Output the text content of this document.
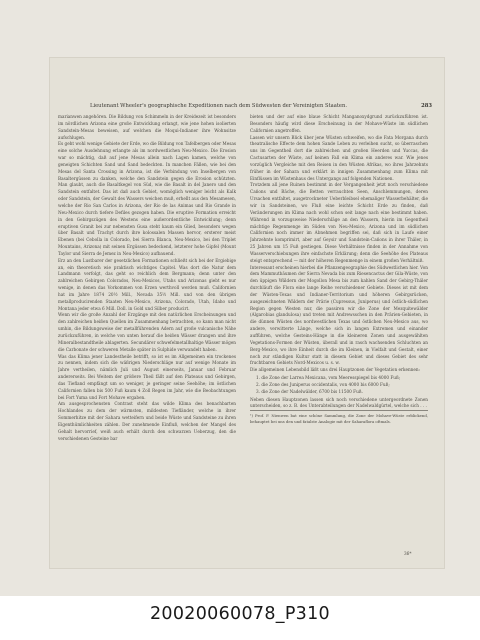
Lieutenant Wheeler's geographische Expeditionen nach dem Südwesten der Vereinigten Staaten.	283

marianwen angehören. Die Bildung von Schimmeln in der Kreidezeit ist besonders im nördlichen Arizona eine große Entwicklung erlangt, wie jene hohen isolierten Sandstein-Mesas beweisen, auf welchen die Moqui-Indianer ihre Wohnsitze aufschlugen.

Es geht wohl wenige Gebiete der Erde, wo die Bildung von Tafelbergen oder Mesas eine solche Ausdehnung erlangte als im nordwestlichen Neu-Mexico. Die Erosion war so mächtig, daß auf jene Mesas allein nach Lagen kamen, welche von geneigten Schichten Sand und Sand bedeckten. In manchen Fällen, wie bei den Mesas del Santa Crossing in Arizona, ist die Verbindung von Inselbergen von Basaltergüssen zu danken, welche den Sandstein gegen die Erosion schützten. Man glaubt, auch die Basaltkegel von Süd, wie die Basalt in del Janero und den Sandstein entfaltet. Das ist daß auch Gebiet, womöglich weniger leicht als Kalk oder Sandstein, der Gewalt des Wassers weichen muß, erhellt aus den Mesamesen, welche der Rio San Carlos in Arizona, der Rio de las Animas und Rio Grande in Neu-Mexico durch tiefere Defiles gezogen haben. Die eruptive Formation erreicht in den Gebirgszügen des Westens eine außerordentliche Entwicklung; denn eruptiven Granit bei zur nebensten Gusa steht kaum ein Glied, besonders wegen über Basalt und Trachyt durch ihre kolossalen Massen hervor, ersterer meist Ebenen (bei Cebolla in Colorado, bei Sierra Blanca, Neu-Mexico, bei den Triplet Mountains, Arizona) mit seinen Ergüssen bedeckend, letzterer hohe Gipfel (Mount Taylor und Sierra de Jemez in Neu-Mexico) aufbauend.

Erz an den Lustbarer der gesetzlichen Formationen schließt sich bei der Ergiebige an, ein theoretisch wie praktisch wichtiges Capitel. Was dort die Natur dem Landmann verfolgt, das geht so reichlich dem Bergmann; denn unter den zahlreichen Gebirgen Colorados, Neu-Mexicos, Utahs und Arizonas giebt es nur wenige, in denen das Vorkommen von Erzen werthvoll werden muß. Californien hat im Jahre 1874 20½ Mill., Nevada 35½ Mill. und von den übrigen metallproducirenden Staaten Neu-Mexico, Arizona, Colorado, Utah, Idaho und Montana jeder etwa 6 Mill. Doll. in Gold und Silber producirt.

Wenn wir die große Anzahl der Erzgänge mit den natürlichen Erscheinungen und den zahlreichen heißen Quellen im Zusammenhang betrachten, so kann man nicht umhin, die Bildungsweise der metallführenden Adern auf große vulcanische Nähe zurückzuführen, in welche von unten herauf die heißen Wässer drangen und ihre Mineralbestandtheile ablagerten. Secundärer schwefelmetallhaltige Wässer mögen die Carbonate der schweren Metalle später in Sulphide verwandelt haben.

Was das Klima jener Landestheile betrifft, so ist es im Allgemeinen ein trockenes zu nennen, indem sich die wäßrigen Niederschläge nur auf wenige Monate im Jahre vertheilen, nämlich Juli und August einerseits, Januar und Februar andererseits. Bei Weitem der größere Theil fällt auf den Plateaus und Gebirgen, das Tiefland empfängt um so weniger, je geringer seine Seehöhe; im östlichen Californien fallen bis 500 Fuß kaum 4 Zoll Regen im Jahr, wie die Beobachtungen bei Fort Yuma und Fort Mohave ergaben.

Am ausgesprochensten Contrast steht das wilde Klima des benachbarten Hochlandes zu dem der wärmsten, mildesten Tiefländer, welche in ihrer Sommerhitze mit der Sahara wetteifern und beide Wüste und Sandsteine zu ihren Eigenthümlichkeiten zählen. Der zunehmende Einfluß, welchen der Mangel des Gehalt hervorrief, weiß auch erhält durch den schwarzen Ueberzug, den die verschiedenen Gesteine bar

bieten und der auf eine blaue Schicht Manganoxydgrund zurückzuführen ist. Besonders häufig wird diese Erscheinung in der Mohave-Wüste im südlichen Californien angetroffen.

Lassen wir unsern Blick über jene Wüsten schweifen, wo die Fata Morgana durch theatralische Effecte dem hohen Sande Leben zu verleihen sucht, so überraschen uns im Gegentheil dort die zahlreichen und großen Heerden und Yuccas, die Cactusarten der Wüste, auf keinen Fall ein Klima ein anderes war. Wie jenes vorzüglich Vergleiche mit den Reisen in den Wüsten Afrikas, wo ihres Jahrzehnts früher in der Sahara und erklärt in innigen Zusammenhang zum Klima mit Einflüssen im Wüstenhaus des Untergangs auf folgenden Nationen.

Trotzdem all jene Ruinen bestimmt in der Vergangenheit jetzt noch verschiedene Cañons und Bäche, die Betten verrauchten Seen, Anschlemmungen, deren Ursachen entfaltet, ausgetrockneter Ueberbleibsel ehemaliger Wasserbehälter, die wir in Sandsteinen, wo Fluß eine leichte Schicht Erde zu finden, daß Veränderungen im Klima nach wohl schon seit lange nach eine bestimmt haben. Während in vorzugsweise Niederschläge an den Wassern, hierin im Gegentheil mächtige Regenmenge im Süden von Neu-Mexico, Arizona und im südlichen Californien noch immer im Abnehmen begriffen sei, daß sich in Laufe einer Jahrzehnte komprimirt, aber auf Geysir und Sandstein-Cañons in ihrer Thäler, in 25 Jahren um 15 Fuß gestiegen. Diese Verhältnisse finden in der Annahme von Wasserverschiebungen ihre einfachste Erklärung; denn die Seehöhe des Plateaus steigt entsprechend — mit der höheren Regenmenge in einem großen Verhältniß.

Interessant erscheinen hierbei die Pflanzengeographie des Südwestlichen hier. Von dem Mammutbäumen der Sierra Nevada bis zum Riesencactus der Gila-Wüste, von den üppigen Wäldern der Mogollon Mesa bis zum kahlen Sand der Gebirg-Thäler durchläuft die Flora eine lange Reihe verschiedener Gebiete. Dieses ist mit dem der Wüsten-Texas und Indianer-Territorium und höheren Gebirgsrücken, ausgezeichneten Wäldern der Prärie (Cupressus, Juniperus) und östlich-südlichen Region gegen Westen nur, die passiren wir die Zone der Mezquitewälder (Algarobias glandulosa) und treten mit Andrewsschen in den Prärien-Gebieten, in die dünnen Wüsten des nordwestlichen Texas und östlichen Neu-Mexico aus, wo andere, verwitterte Länge, welche sich in langen Extremen und einander aufführen, welche Gesteins-Hänge in die kleineren Zonen und ausgewählten Vegetations-Formen der Wüsten, überall und in rasch wachsenden Schluchten an Berg-Mexico, wo ihre Einheit durch die im Kleinen, in Vielfalt und Gestalt, einer noch zur ständigen Kultur statt in diesem Gebiet und dieses Gebiet des sehr fruchtbaren Gebiets Nord-Mexicos u. s. w.

Die allgemeinen Lebensbild läßt uns drei Hauptzonen der Vegetation erkennen:

1. die Zone der Larrea Mexicana, vom Meeresspiegel bis 4000 Fuß;
2. die Zone des Juniperus occidentalis, von 4000 bis 6000 Fuß;
3. die Zone der Nadelwälder, 6700 bis 11500 Fuß.

Neben diesen Hauptzonen lassen sich noch verschiedene untergeordnete Zonen unterscheiden, so z. B. des Unterabteilungen der Nadelwaldgürtel, welche sich . . .

¹) Prof. F. Nienwen bat eine schöne Sammlung, die Zone der Mohave-Wüste erblickend, behauptet bei uns den und fatalste Analogie mit der Saharaflora oftmals.

36*
20020060078_P310
